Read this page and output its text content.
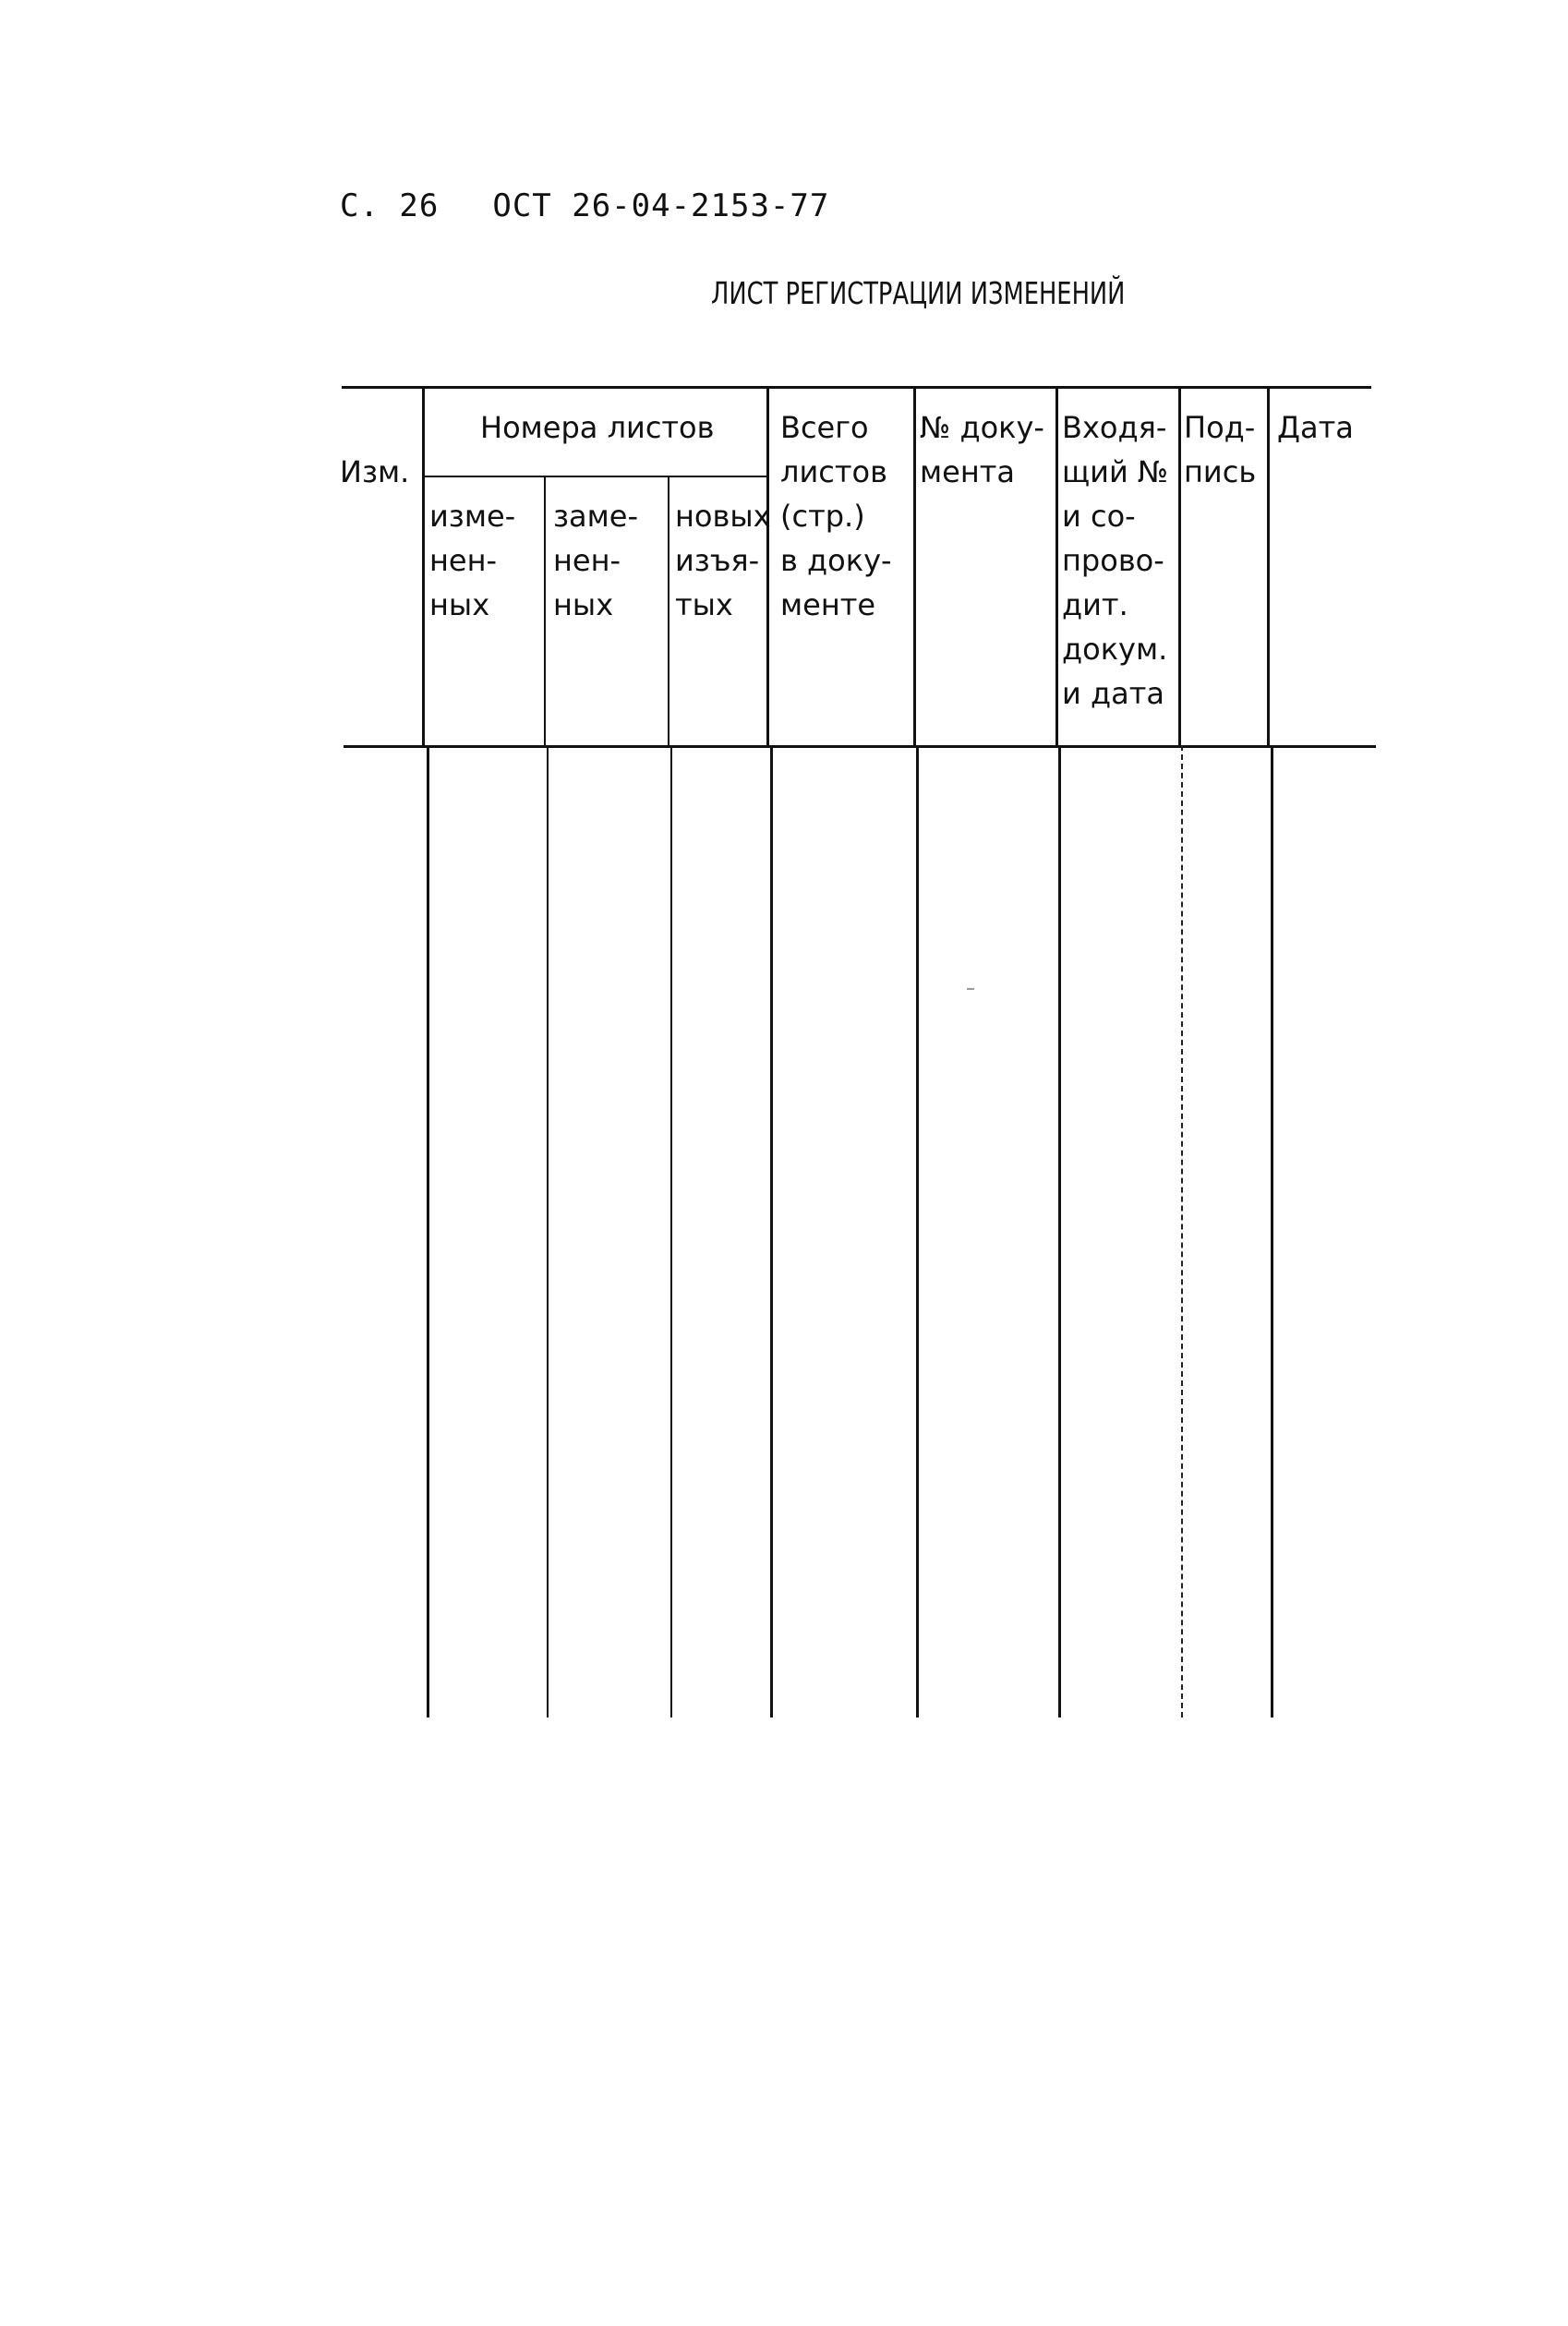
С. 26 ОСТ 26-04-2153-77
ЛИСТ РЕГИСТРАЦИИ ИЗМЕНЕНИЙ
Изм.
Номера листов
изме-
нен-
ных
заме-
нен-
ных
новых
изъя-
тых
Всего
листов
(стр.)
в доку-
менте
№ доку-
мента
Входя-
щий №
и со-
прово-
дит.
докум.
и дата
Под-
пись
Дата
